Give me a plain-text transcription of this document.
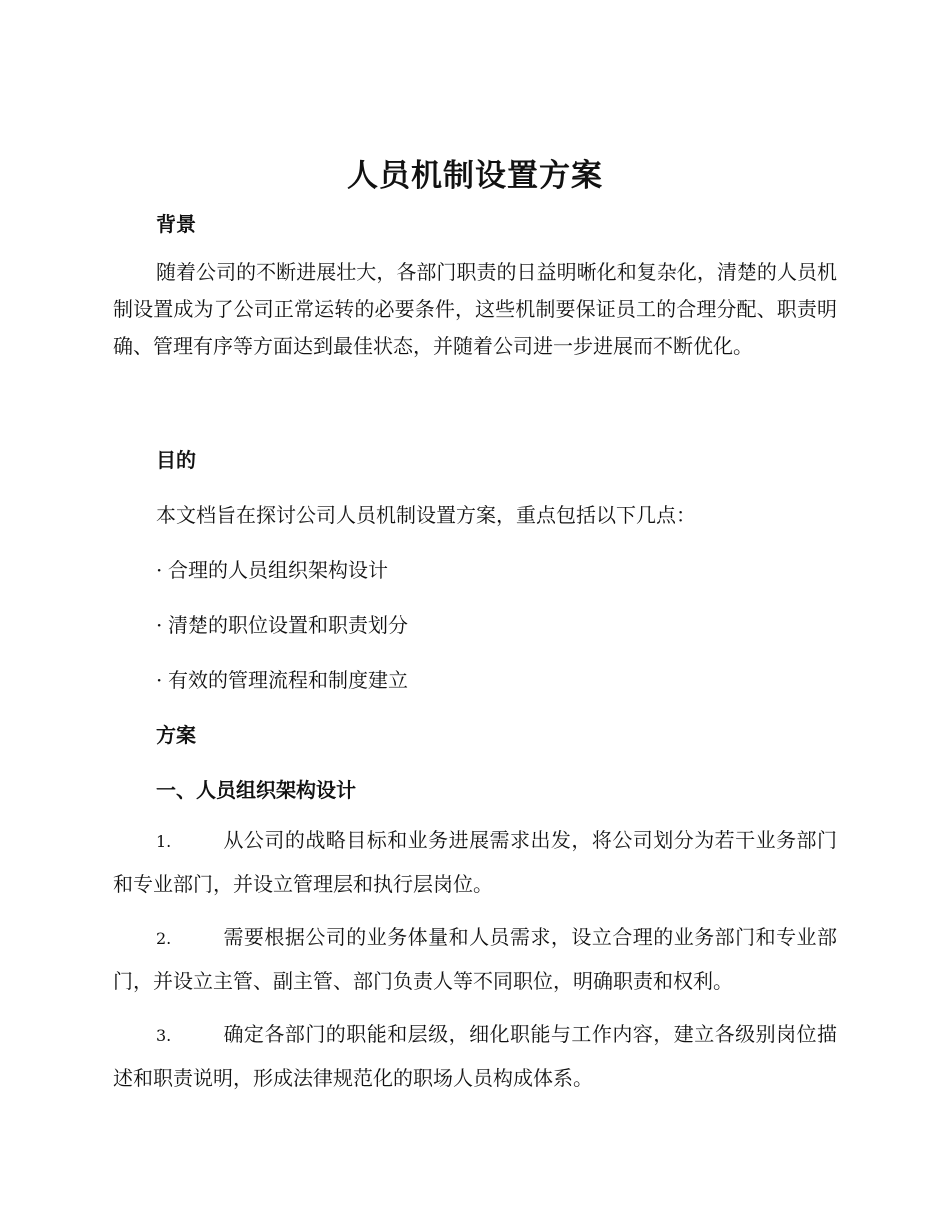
人员机制设置方案
背景

随着公司的不断进展壮大，各部门职责的日益明晰化和复杂化，清楚的人员机制设置成为了公司正常运转的必要条件，这些机制要保证员工的合理分配、职责明确、管理有序等方面达到最佳状态，并随着公司进一步进展而不断优化。

目的

本文档旨在探讨公司人员机制设置方案，重点包括以下几点：

· 合理的人员组织架构设计

· 清楚的职位设置和职责划分

· 有效的管理流程和制度建立

方案
一、人员组织架构设计

1.	从公司的战略目标和业务进展需求出发，将公司划分为若干业务部门和专业部门，并设立管理层和执行层岗位。

2.	需要根据公司的业务体量和人员需求，设立合理的业务部门和专业部门，并设立主管、副主管、部门负责人等不同职位，明确职责和权利。

3.	确定各部门的职能和层级，细化职能与工作内容，建立各级别岗位描述和职责说明，形成法律规范化的职场人员构成体系。
